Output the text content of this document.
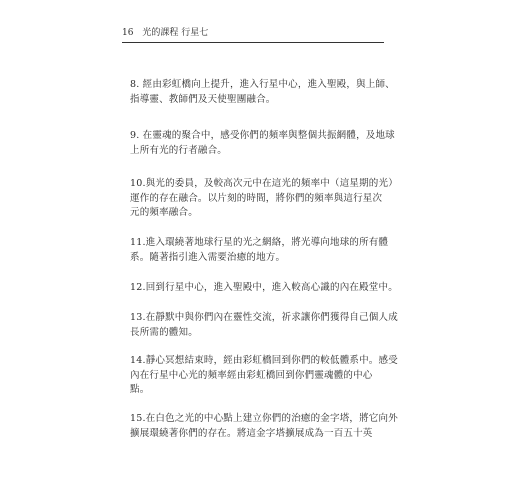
16 光的課程 行星七
8. 經由彩虹橋向上提升，進入行星中心，進入聖殿，與上師、
指導靈、教師們及天使聖團融合。
9. 在靈魂的聚合中，感受你們的頻率與整個共振網體，及地球
上所有光的行者融合。
10.與光的委員，及較高次元中在這光的頻率中（這星期的光）
運作的存在融合。以片刻的時間，將你們的頻率與這行星次
元的頻率融合。
11.進入環繞著地球行星的光之網絡，將光導向地球的所有體
系。隨著指引進入需要治癒的地方。
12.回到行星中心，進入聖殿中，進入較高心識的內在殿堂中。
13.在靜默中與你們內在靈性交流，祈求讓你們獲得自己個人成
長所需的體知。
14.靜心冥想結束時，經由彩虹橋回到你們的較低體系中。感受
內在行星中心光的頻率經由彩虹橋回到你們靈魂體的中心
點。
15.在白色之光的中心點上建立你們的治癒的金字塔，將它向外
擴展環繞著你們的存在。將這金字塔擴展成為一百五十英
